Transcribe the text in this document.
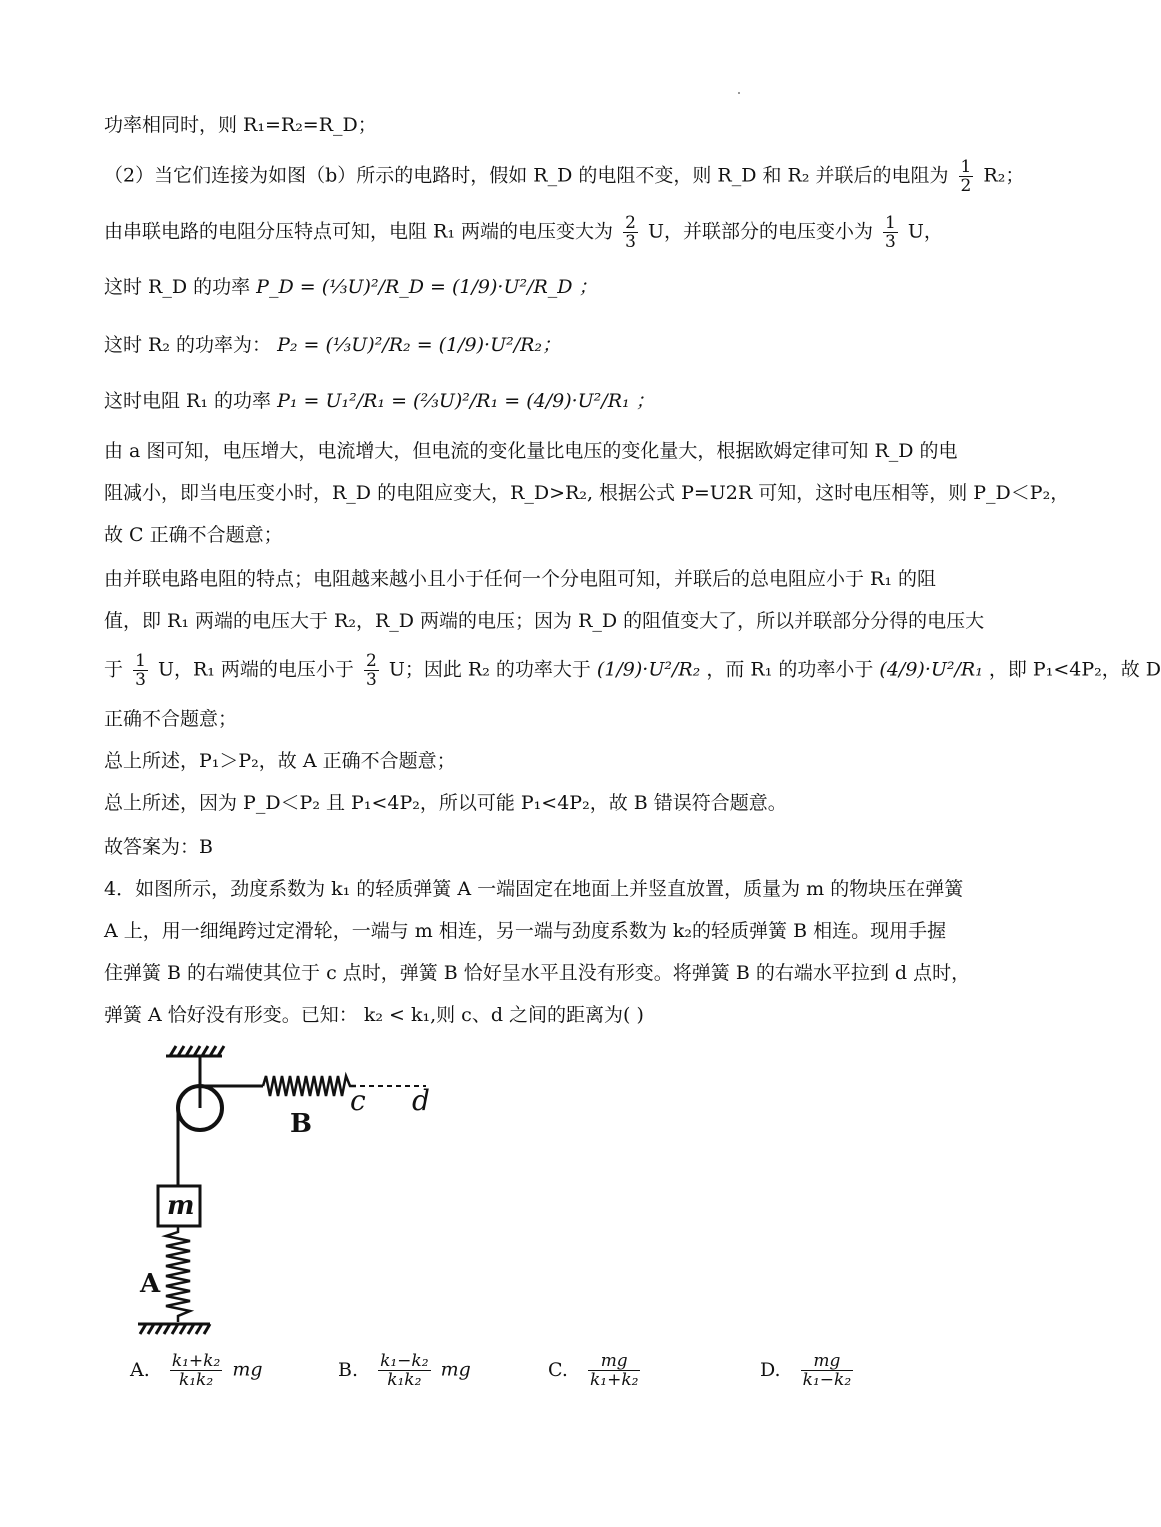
功率相同时，则 R₁=R₂=R_D；
（2）当它们连接为如图（b）所示的电路时，假如 R_D 的电阻不变，则 R_D 和 R₂ 并联后的电阻为 $\frac{1}{2} R_2$；
由串联电路的电阻分压特点可知，电阻 R₁ 两端的电压变大为 $\frac{2}{3}$ U，并联部分的电压变小为 $\frac{1}{3}$ U，
这时 R_D 的功率 P_D = (⅓U)²/R_D = (1/9)·U²/R_D ；
这时 R₂ 的功率为： P₂ = (⅓U)²/R₂ = (1/9)·U²/R₂；
这时电阻 R₁ 的功率 P₁ = U₁²/R₁ = (⅔U)²/R₁ = (4/9)·U²/R₁ ；
由 a 图可知，电压增大，电流增大，但电流的变化量比电压的变化量大，根据欧姆定律可知 R_D 的电
阻减小，即当电压变小时，R_D 的电阻应变大，R_D>R₂, 根据公式 P=U2R 可知，这时电压相等，则 P_D＜P₂，
故 C 正确不合题意；
由并联电路电阻的特点；电阻越来越小且小于任何一个分电阻可知，并联后的总电阻应小于 R₁ 的阻
值，即 R₁ 两端的电压大于 R₂，R_D 两端的电压；因为 R_D 的阻值变大了，所以并联部分分得的电压大
于 $\frac{1}{3}$ U，R₁ 两端的电压小于 $\frac{2}{3}$ U；因此 R₂ 的功率大于 (1/9)·U²/R₂ ，而 R₁ 的功率小于 (4/9)·U²/R₁ ，即 P₁<4P₂，故 D
正确不合题意；
总上所述，P₁＞P₂，故 A 正确不合题意；
总上所述，因为 P_D＜P₂ 且 P₁<4P₂，所以可能 P₁<4P₂，故 B 错误符合题意。
故答案为：B
4．如图所示，劲度系数为 k₁ 的轻质弹簧 A 一端固定在地面上并竖直放置，质量为 m 的物块压在弹簧
A 上，用一细绳跨过定滑轮，一端与 m 相连，另一端与劲度系数为 k₂的轻质弹簧 B 相连。现用手握
住弹簧 B 的右端使其位于 c 点时，弹簧 B 恰好呈水平且没有形变。将弹簧 B 的右端水平拉到 d 点时，
弹簧 A 恰好没有形变。已知： k₂ < k₁,则 c、d 之间的距离为( )
c d
B
m
A
A. $\frac{\text{k₁+k₂}}{\text{k₁k₂}}$ mg	B. $\frac{\text{k₁−k₂}}{\text{k₁k₂}}$ mg	C. $\frac{mg}{\text{k₁+k₂}}$	D. $\frac{mg}{\text{k₁−k₂}}$
